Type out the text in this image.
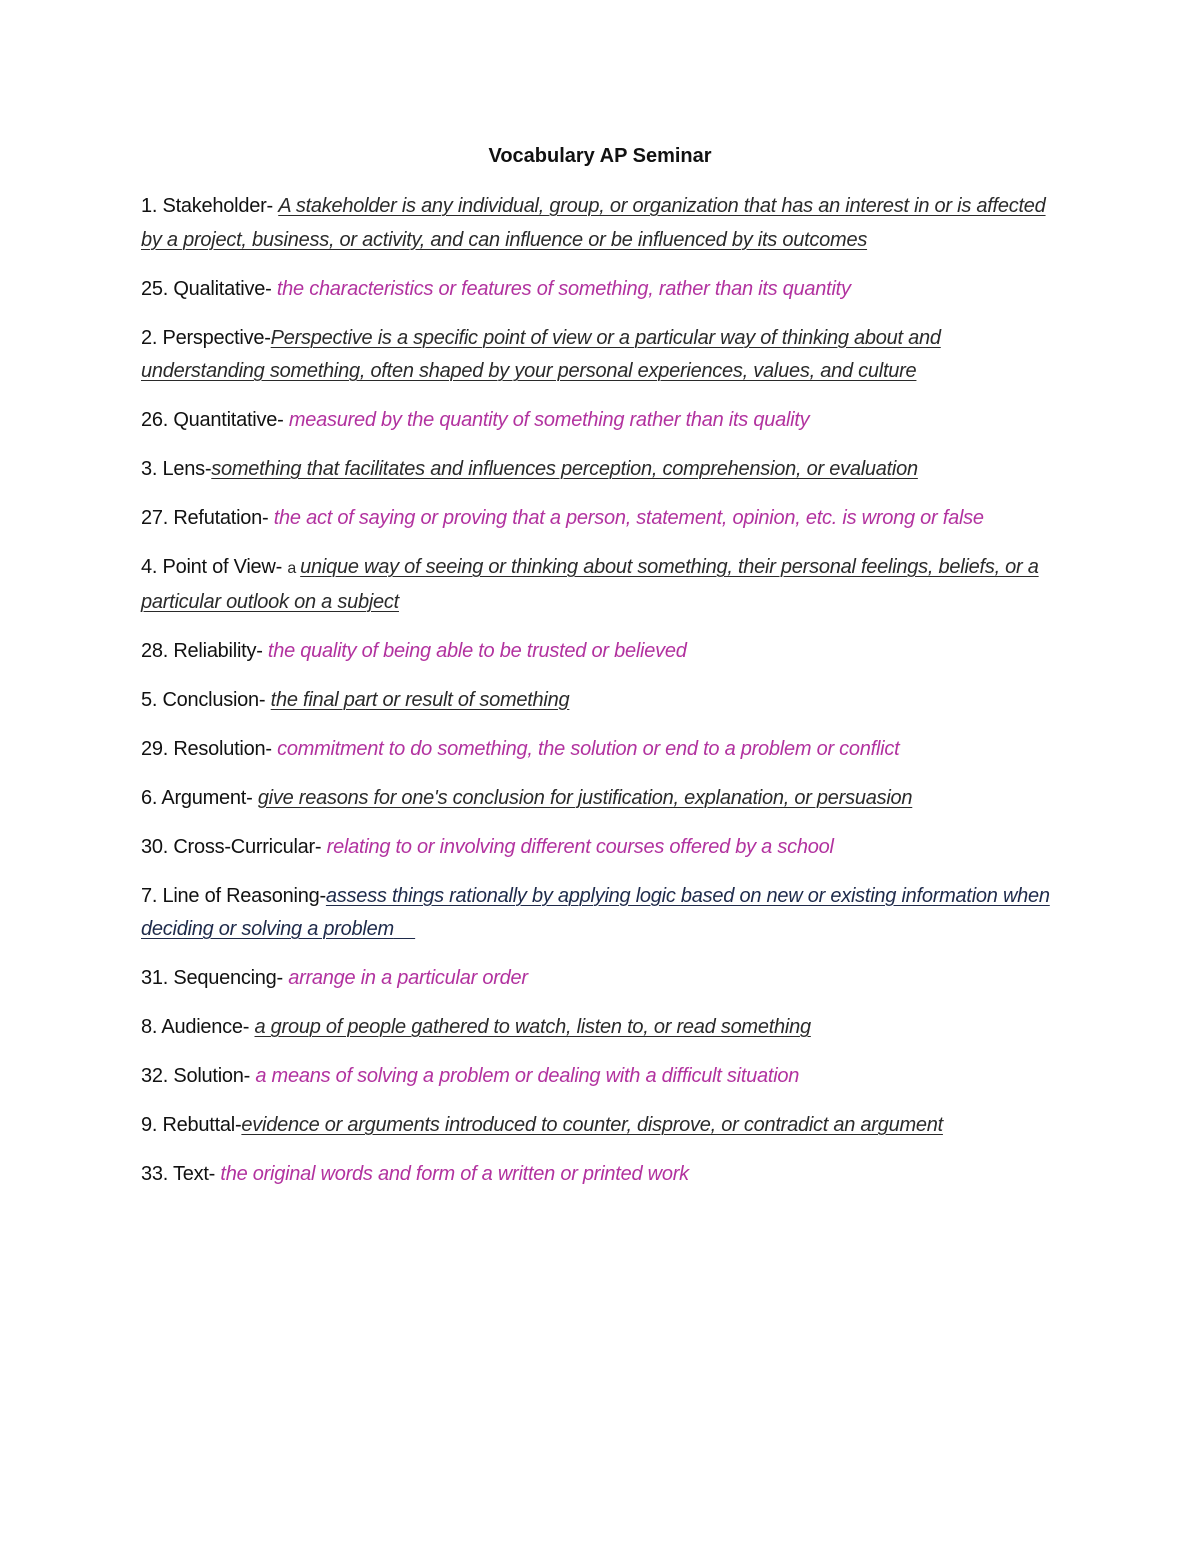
Vocabulary AP Seminar

1. Stakeholder- A stakeholder is any individual, group, or organization that has an interest in or is affected by a project, business, or activity, and can influence or be influenced by its outcomes

25. Qualitative- the characteristics or features of something, rather than its quantity

2. Perspective-Perspective is a specific point of view or a particular way of thinking about and understanding something, often shaped by your personal experiences, values, and culture

26. Quantitative- measured by the quantity of something rather than its quality

3. Lens-something that facilitates and influences perception, comprehension, or evaluation

27. Refutation- the act of saying or proving that a person, statement, opinion, etc. is wrong or false

4. Point of View- a unique way of seeing or thinking about something, their personal feelings, beliefs, or a particular outlook on a subject

28. Reliability- the quality of being able to be trusted or believed

5. Conclusion- the final part or result of something

29. Resolution- commitment to do something, the solution or end to a problem or conflict

6. Argument- give reasons for one's conclusion for justification, explanation, or persuasion

30. Cross-Curricular- relating to or involving different courses offered by a school

7. Line of Reasoning-assess things rationally by applying logic based on new or existing information when deciding or solving a problem

31. Sequencing- arrange in a particular order

8. Audience- a group of people gathered to watch, listen to, or read something

32. Solution- a means of solving a problem or dealing with a difficult situation

9. Rebuttal-evidence or arguments introduced to counter, disprove, or contradict an argument

33. Text- the original words and form of a written or printed work
